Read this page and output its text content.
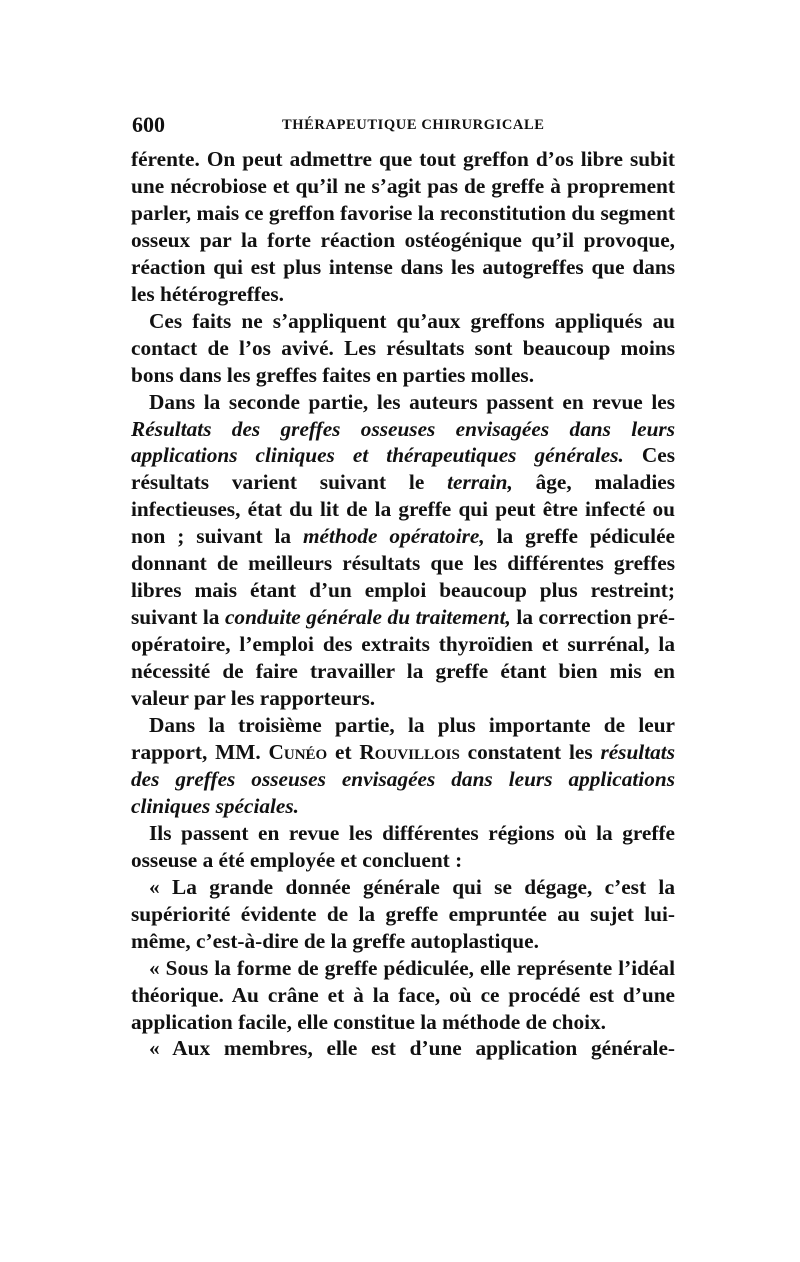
600	THÉRAPEUTIQUE CHIRURGICALE

férente. On peut admettre que tout greffon d’os libre subit une nécrobiose et qu’il ne s’agit pas de greffe à proprement parler, mais ce greffon favorise la reconstitution du segment osseux par la forte réaction ostéogénique qu’il provoque, réaction qui est plus intense dans les autogreffes que dans les hétérogreffes.

Ces faits ne s’appliquent qu’aux greffons appliqués au contact de l’os avivé. Les résultats sont beaucoup moins bons dans les greffes faites en parties molles.

Dans la seconde partie, les auteurs passent en revue les Résultats des greffes osseuses envisagées dans leurs applications cliniques et thérapeutiques générales. Ces résultats varient suivant le terrain, âge, maladies infectieuses, état du lit de la greffe qui peut être infecté ou non ; suivant la méthode opératoire, la greffe pédiculée donnant de meilleurs résultats que les différentes greffes libres mais étant d’un emploi beaucoup plus restreint; suivant la conduite générale du traitement, la correction pré-opératoire, l’emploi des extraits thyroïdien et surrénal, la nécessité de faire travailler la greffe étant bien mis en valeur par les rapporteurs.

Dans la troisième partie, la plus importante de leur rapport, MM. Cunéo et Rouvillois constatent les résultats des greffes osseuses envisagées dans leurs applications cliniques spéciales.

Ils passent en revue les différentes régions où la greffe osseuse a été employée et concluent :

« La grande donnée générale qui se dégage, c’est la supériorité évidente de la greffe empruntée au sujet lui-même, c’est-à-dire de la greffe autoplastique.

« Sous la forme de greffe pédiculée, elle représente l’idéal théorique. Au crâne et à la face, où ce procédé est d’une application facile, elle constitue la méthode de choix.

« Aux membres, elle est d’une application générale-
